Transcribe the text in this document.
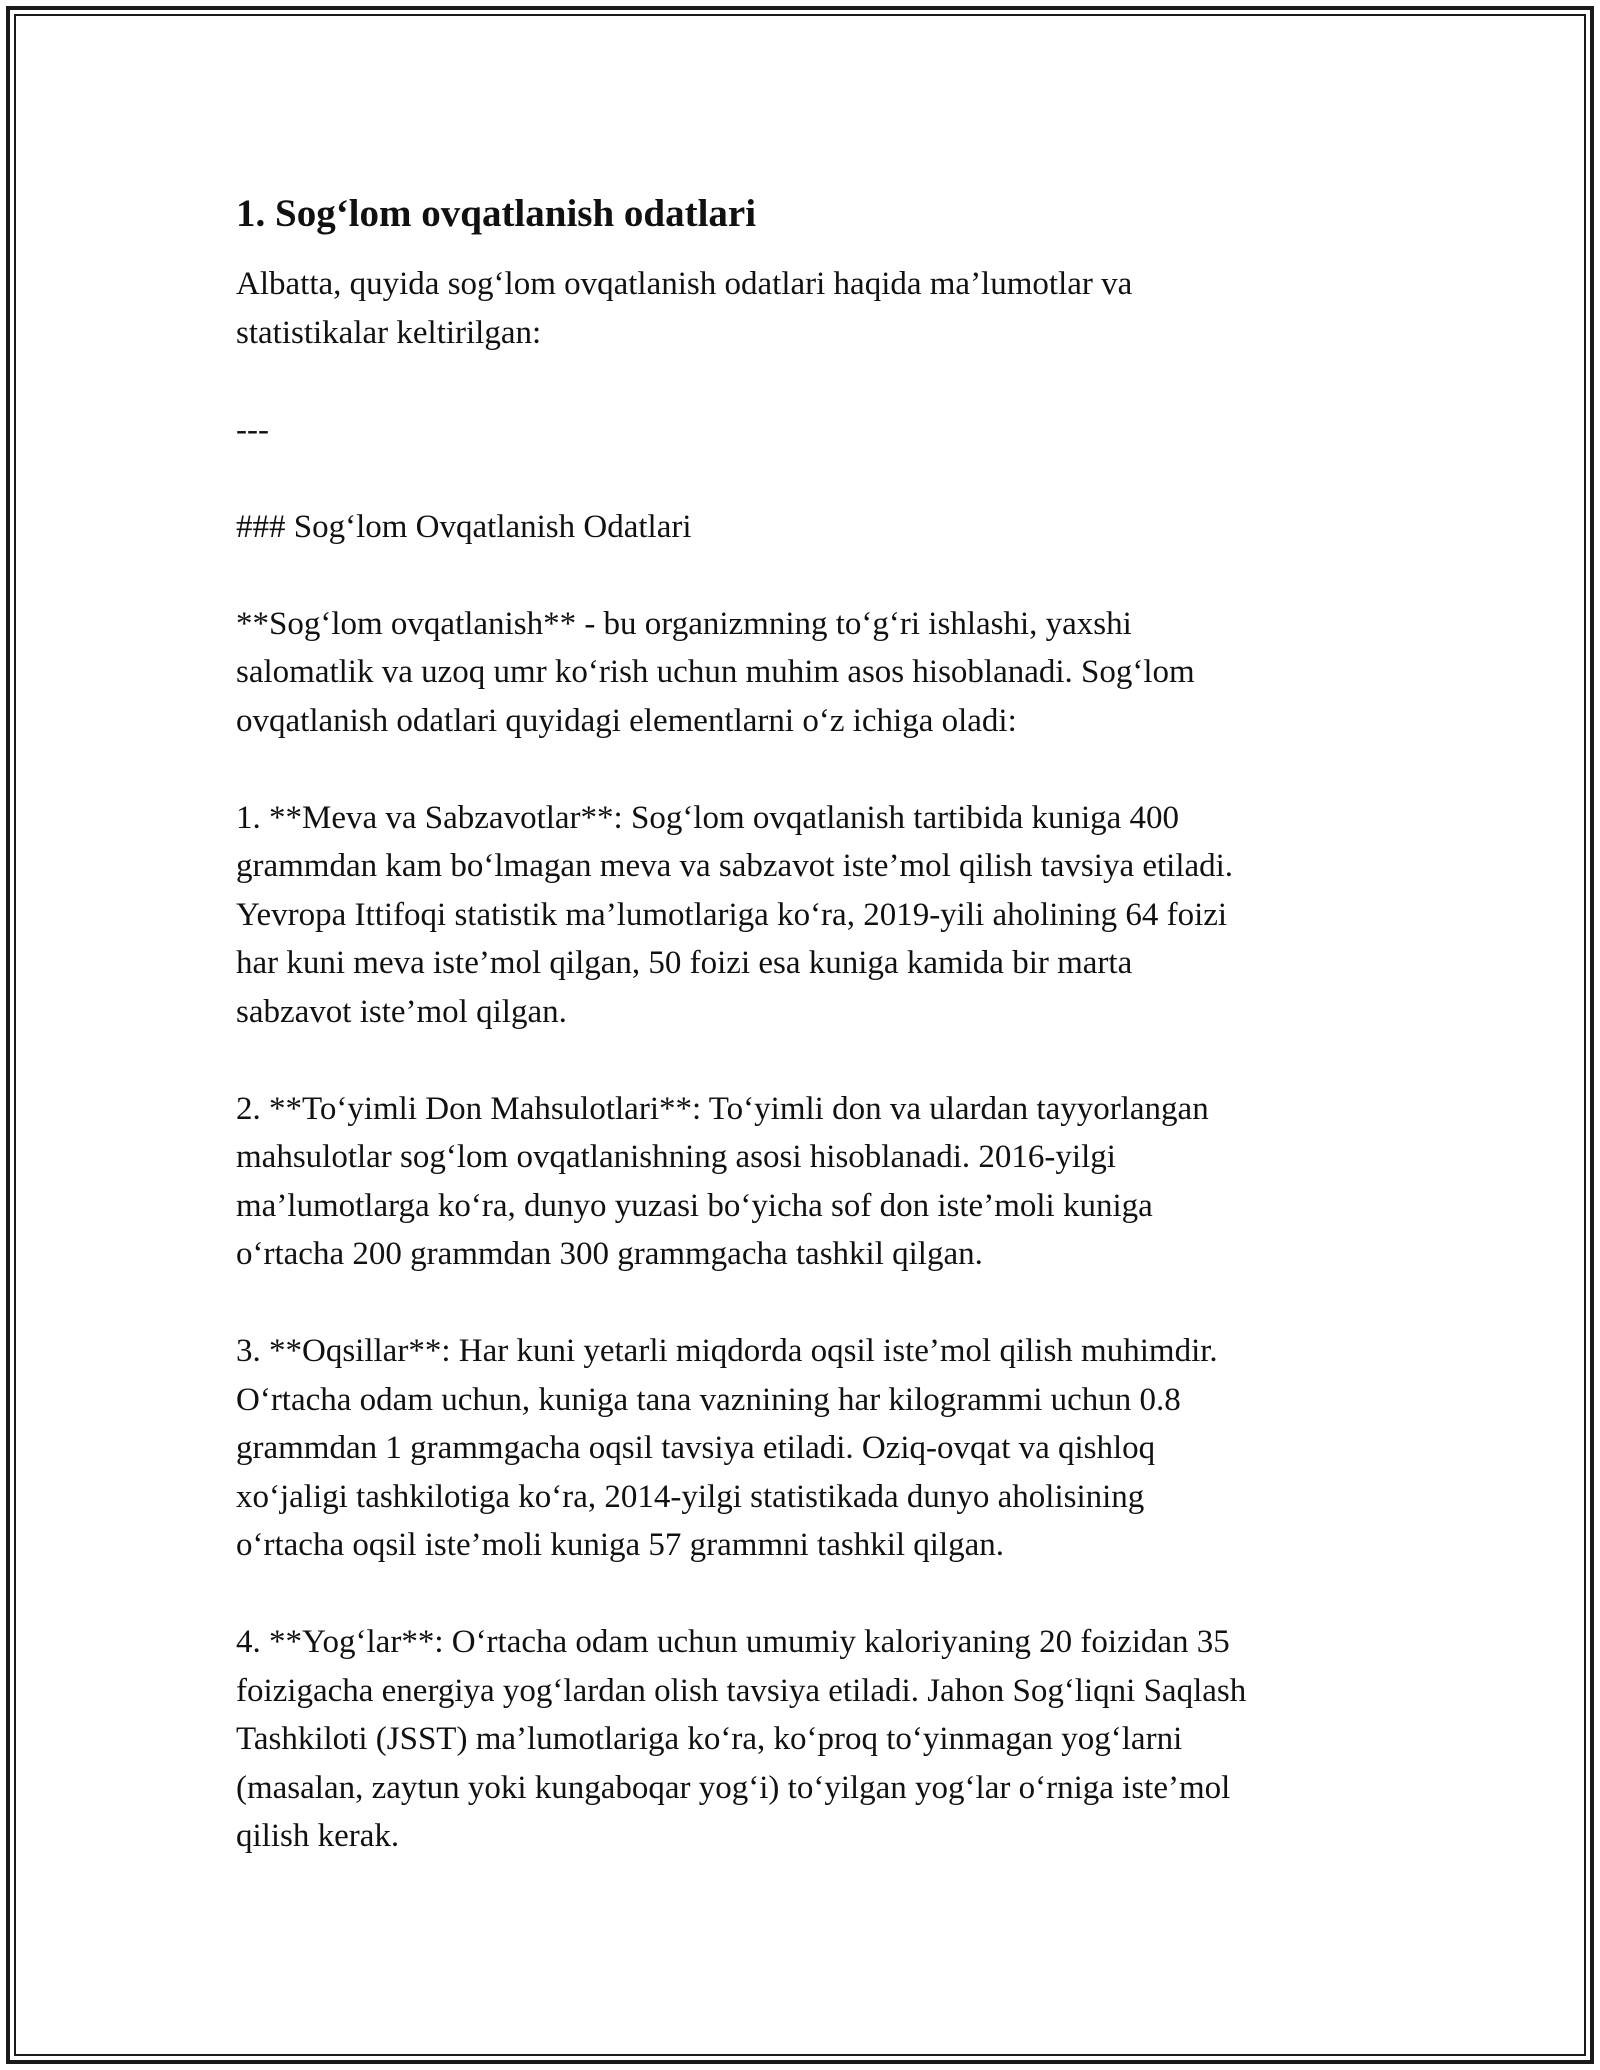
1. Sog‘lom ovqatlanish odatlari

Albatta, quyida sog‘lom ovqatlanish odatlari haqida ma’lumotlar va
statistikalar keltirilgan:

---

### Sog‘lom Ovqatlanish Odatlari

**Sog‘lom ovqatlanish** - bu organizmning to‘g‘ri ishlashi, yaxshi
salomatlik va uzoq umr ko‘rish uchun muhim asos hisoblanadi. Sog‘lom
ovqatlanish odatlari quyidagi elementlarni o‘z ichiga oladi:

1. **Meva va Sabzavotlar**: Sog‘lom ovqatlanish tartibida kuniga 400
grammdan kam bo‘lmagan meva va sabzavot iste’mol qilish tavsiya etiladi.
Yevropa Ittifoqi statistik ma’lumotlariga ko‘ra, 2019-yili aholining 64 foizi
har kuni meva iste’mol qilgan, 50 foizi esa kuniga kamida bir marta
sabzavot iste’mol qilgan.

2. **To‘yimli Don Mahsulotlari**: To‘yimli don va ulardan tayyorlangan
mahsulotlar sog‘lom ovqatlanishning asosi hisoblanadi. 2016-yilgi
ma’lumotlarga ko‘ra, dunyo yuzasi bo‘yicha sof don iste’moli kuniga
o‘rtacha 200 grammdan 300 grammgacha tashkil qilgan.

3. **Oqsillar**: Har kuni yetarli miqdorda oqsil iste’mol qilish muhimdir.
O‘rtacha odam uchun, kuniga tana vaznining har kilogrammi uchun 0.8
grammdan 1 grammgacha oqsil tavsiya etiladi. Oziq-ovqat va qishloq
xo‘jaligi tashkilotiga ko‘ra, 2014-yilgi statistikada dunyo aholisining
o‘rtacha oqsil iste’moli kuniga 57 grammni tashkil qilgan.

4. **Yog‘lar**: O‘rtacha odam uchun umumiy kaloriyaning 20 foizidan 35
foizigacha energiya yog‘lardan olish tavsiya etiladi. Jahon Sog‘liqni Saqlash
Tashkiloti (JSST) ma’lumotlariga ko‘ra, ko‘proq to‘yinmagan yog‘larni
(masalan, zaytun yoki kungaboqar yog‘i) to‘yilgan yog‘lar o‘rniga iste’mol
qilish kerak.
